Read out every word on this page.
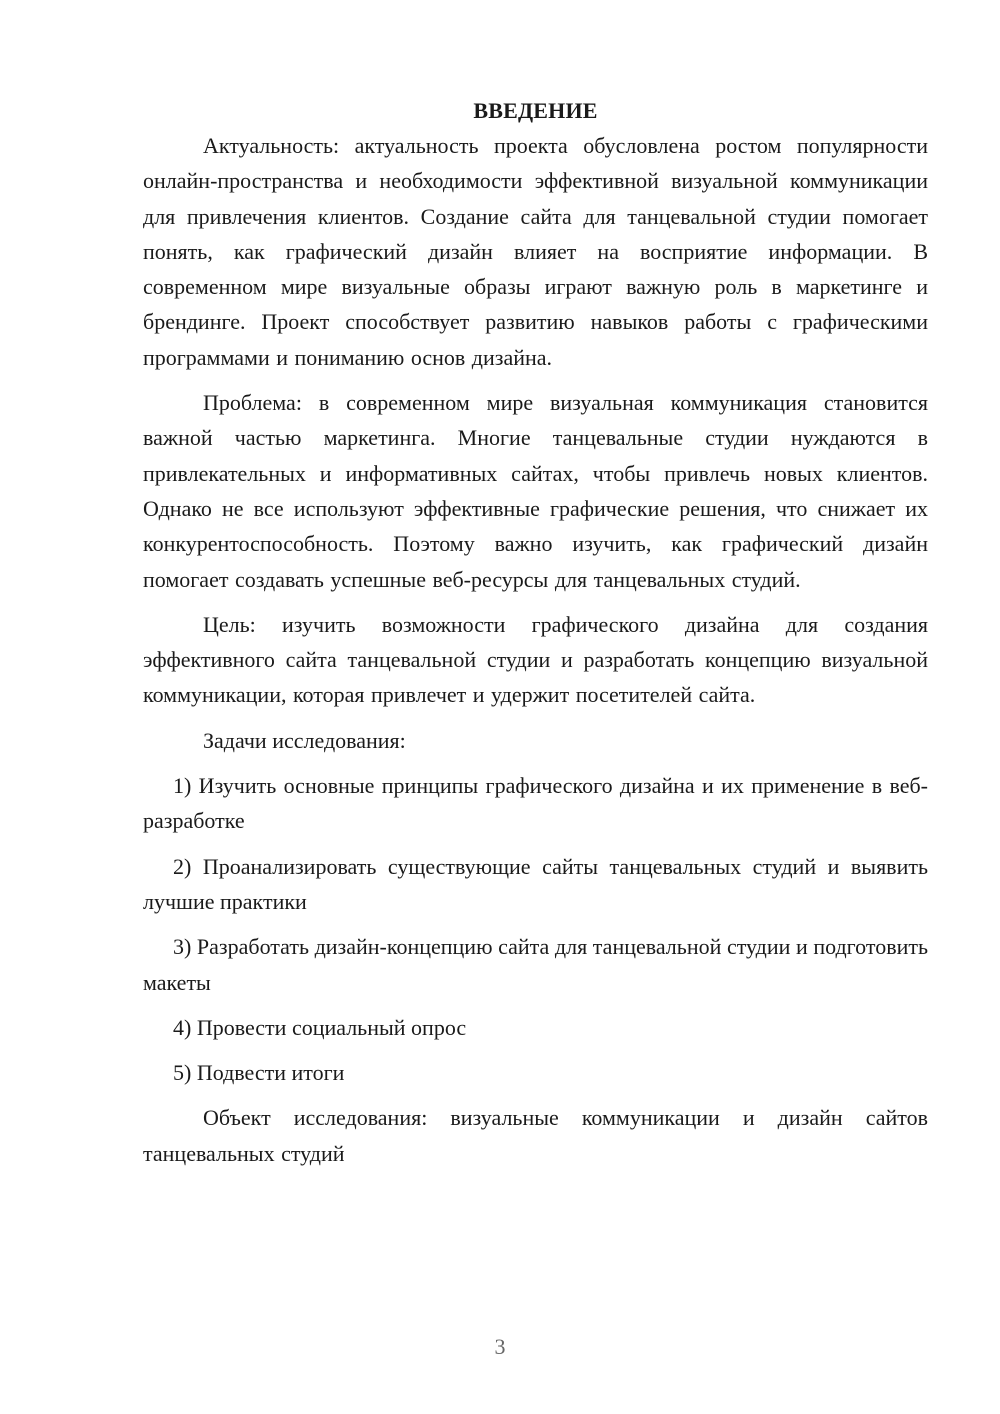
ВВЕДЕНИЕ

Актуальность: актуальность проекта обусловлена ростом популярности онлайн-пространства и необходимости эффективной визуальной коммуникации для привлечения клиентов. Создание сайта для танцевальной студии помогает понять, как графический дизайн влияет на восприятие информации. В современном мире визуальные образы играют важную роль в маркетинге и брендинге. Проект способствует развитию навыков работы с графическими программами и пониманию основ дизайна.

Проблема: в современном мире визуальная коммуникация становится важной частью маркетинга. Многие танцевальные студии нуждаются в привлекательных и информативных сайтах, чтобы привлечь новых клиентов. Однако не все используют эффективные графические решения, что снижает их конкурентоспособность. Поэтому важно изучить, как графический дизайн помогает создавать успешные веб-ресурсы для танцевальных студий.

Цель: изучить возможности графического дизайна для создания эффективного сайта танцевальной студии и разработать концепцию визуальной коммуникации, которая привлечет и удержит посетителей сайта.

Задачи исследования:

1) Изучить основные принципы графического дизайна и их применение в веб-разработке

2) Проанализировать существующие сайты танцевальных студий и выявить лучшие практики

3) Разработать дизайн-концепцию сайта для танцевальной студии и подготовить макеты

4) Провести социальный опрос

5) Подвести итоги

Объект исследования: визуальные коммуникации и дизайн сайтов танцевальных студий

3
